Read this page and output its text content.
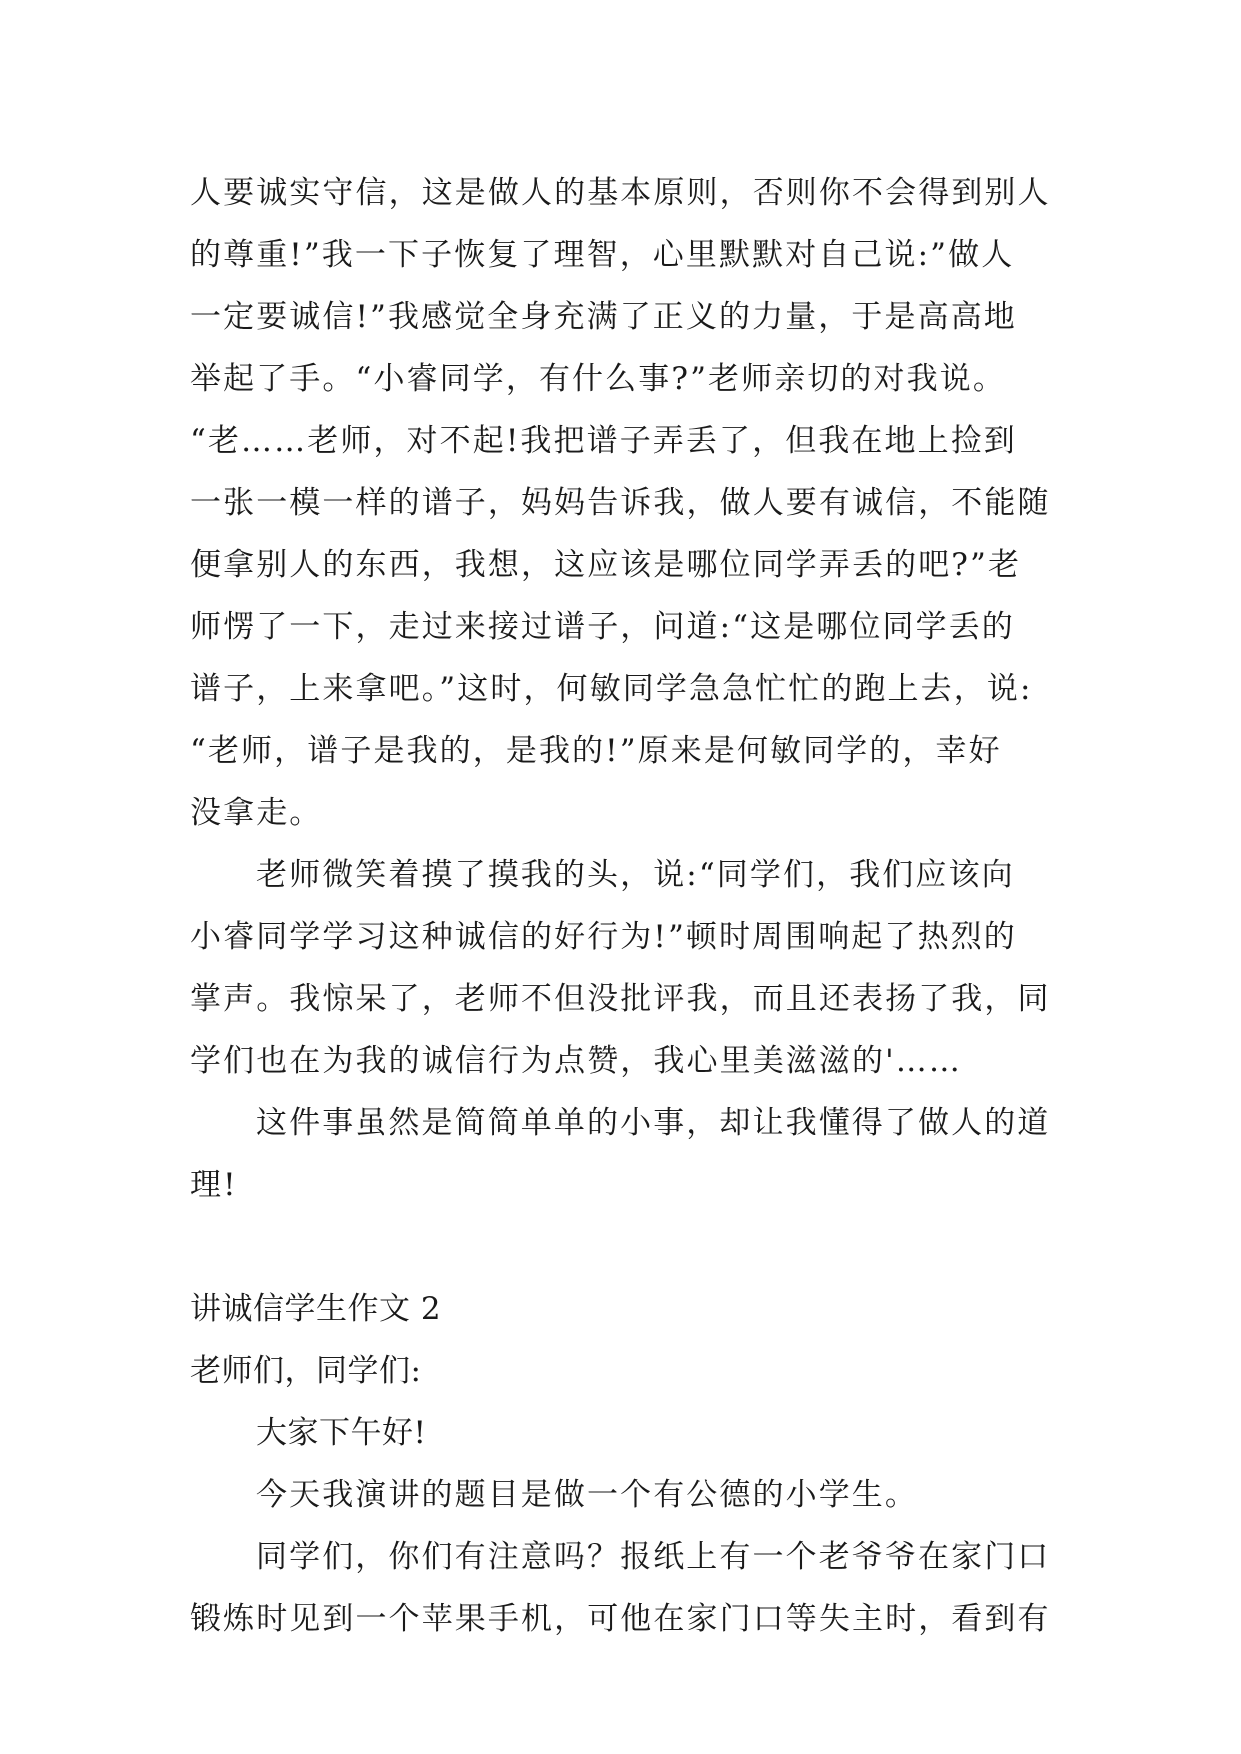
人要诚实守信，这是做人的基本原则，否则你不会得到别人
的尊重!”我一下子恢复了理智，心里默默对自己说:”做人
一定要诚信!”我感觉全身充满了正义的力量，于是高高地
举起了手。“小睿同学，有什么事?”老师亲切的对我说。
“老……老师，对不起!我把谱子弄丢了，但我在地上捡到
一张一模一样的谱子，妈妈告诉我，做人要有诚信，不能随
便拿别人的东西，我想，这应该是哪位同学弄丢的吧?”老
师愣了一下，走过来接过谱子，问道:“这是哪位同学丢的
谱子，上来拿吧。”这时，何敏同学急急忙忙的跑上去，说:
“老师，谱子是我的，是我的!”原来是何敏同学的，幸好
没拿走。
老师微笑着摸了摸我的头，说:“同学们，我们应该向
小睿同学学习这种诚信的好行为!”顿时周围响起了热烈的
掌声。我惊呆了，老师不但没批评我，而且还表扬了我，同
学们也在为我的诚信行为点赞，我心里美滋滋的'……
这件事虽然是简简单单的小事，却让我懂得了做人的道
理!
讲诚信学生作文 2
老师们，同学们:
大家下午好!
今天我演讲的题目是做一个有公德的小学生。
同学们，你们有注意吗？报纸上有一个老爷爷在家门口
锻炼时见到一个苹果手机，可他在家门口等失主时，看到有
